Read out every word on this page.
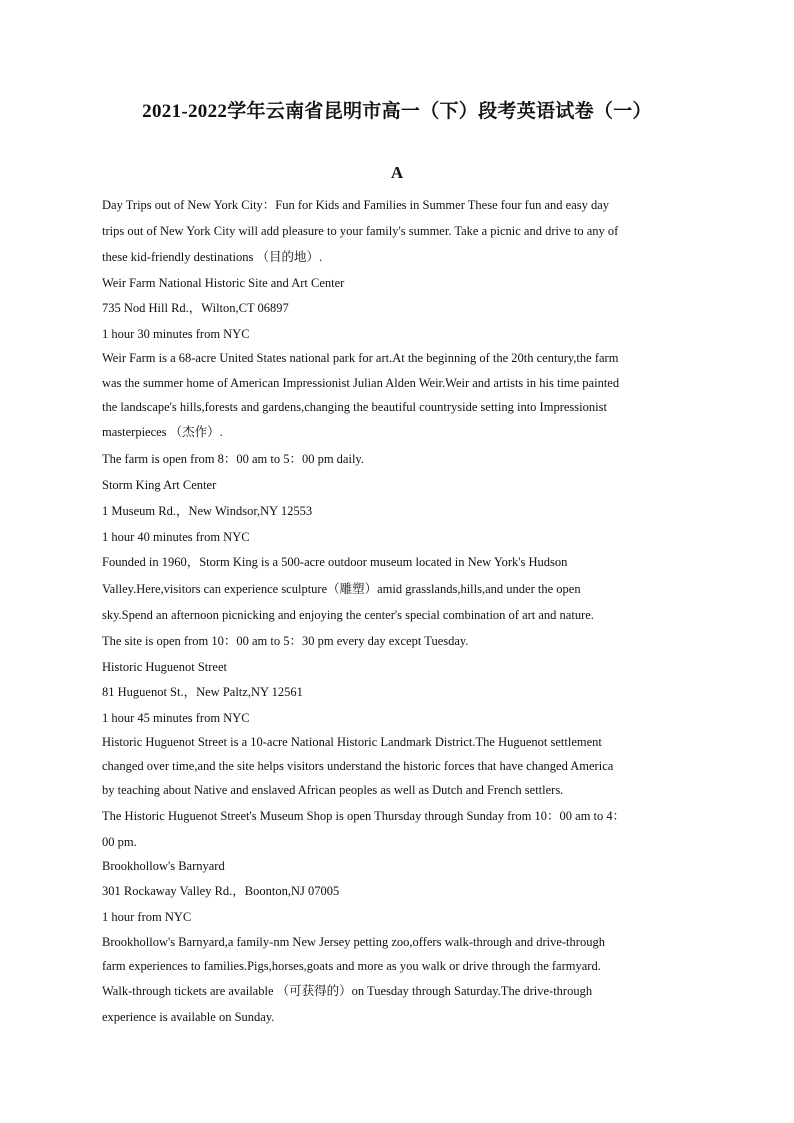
2021-2022学年云南省昆明市高一（下）段考英语试卷（一）
A
Day Trips out of New York City：Fun for Kids and Families in Summer These four fun and easy day
trips out of New York City will add pleasure to your family's summer. Take a picnic and drive to any of
these kid-friendly destinations （目的地）.
Weir Farm National Historic Site and Art Center
735 Nod Hill Rd.，Wilton,CT 06897
1 hour 30 minutes from NYC
Weir Farm is a 68-acre United States national park for art.At the beginning of the 20th century,the farm
was the summer home of American Impressionist Julian Alden Weir.Weir and artists in his time painted
the landscape's hills,forests and gardens,changing the beautiful countryside setting into Impressionist
masterpieces （杰作）.
The farm is open from 8：00 am to 5：00 pm daily.
Storm King Art Center
1 Museum Rd.，New Windsor,NY 12553
1 hour 40 minutes from NYC
Founded in 1960，Storm King is a 500-acre outdoor museum located in New York's Hudson
Valley.Here,visitors can experience sculpture（雕塑）amid grasslands,hills,and under the open
sky.Spend an afternoon picnicking and enjoying the center's special combination of art and nature.
The site is open from 10：00 am to 5：30 pm every day except Tuesday.
Historic Huguenot Street
81 Huguenot St.，New Paltz,NY 12561
1 hour 45 minutes from NYC
Historic Huguenot Street is a 10-acre National Historic Landmark District.The Huguenot settlement
changed over time,and the site helps visitors understand the historic forces that have changed America
by teaching about Native and enslaved African peoples as well as Dutch and French settlers.
The Historic Huguenot Street's Museum Shop is open Thursday through Sunday from 10：00 am to 4：
00 pm.
Brookhollow's Barnyard
301 Rockaway Valley Rd.，Boonton,NJ 07005
1 hour from NYC
Brookhollow's Barnyard,a family-nm New Jersey petting zoo,offers walk-through and drive-through
farm experiences to families.Pigs,horses,goats and more as you walk or drive through the farmyard.
Walk-through tickets are available （可获得的）on Tuesday through Saturday.The drive-through
experience is available on Sunday.
